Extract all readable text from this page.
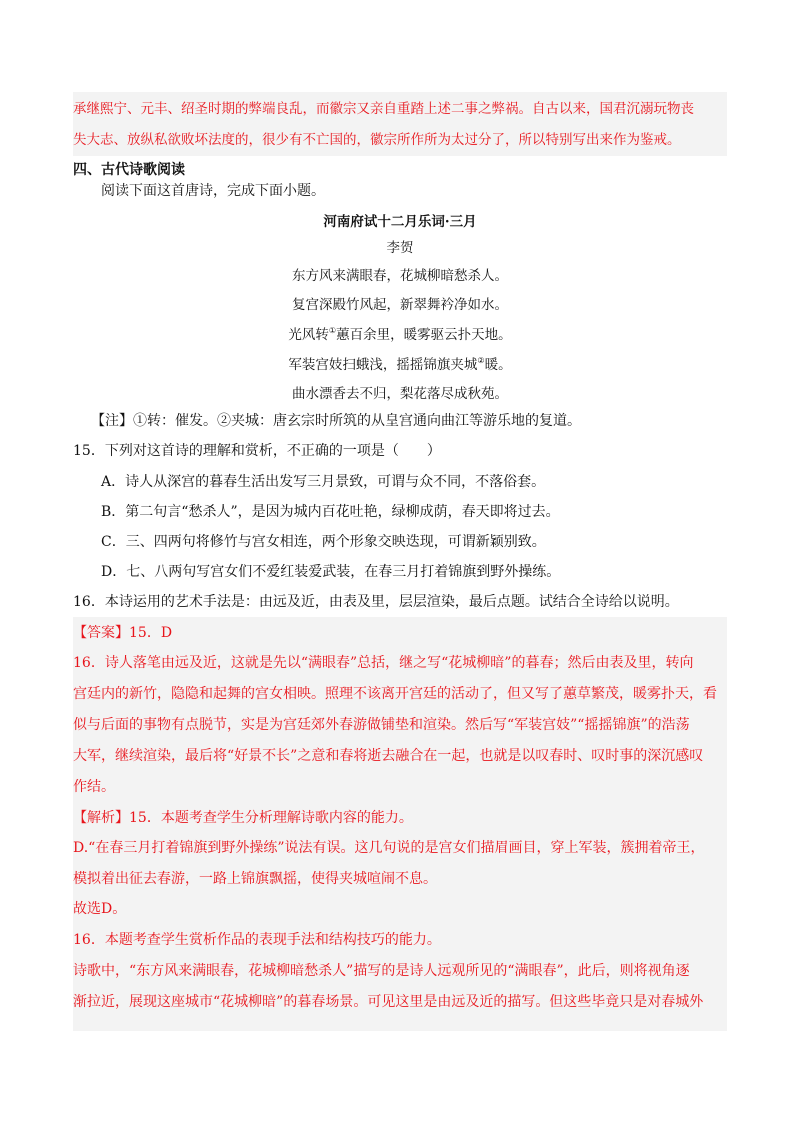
承继熙宁、元丰、绍圣时期的弊端良乱，而徽宗又亲自重踏上述二事之弊祸。自古以来，国君沉溺玩物丧
失大志、放纵私欲败坏法度的，很少有不亡国的，徽宗所作所为太过分了，所以特别写出来作为鉴戒。
四、古代诗歌阅读
阅读下面这首唐诗，完成下面小题。
河南府试十二月乐词·三月
李贺
东方风来满眼春，花城柳暗愁杀人。
复宫深殿竹风起，新翠舞衿净如水。
光风转①蕙百余里，暖雾驱云扑天地。
军装宫妓扫蛾浅，摇摇锦旗夹城②暖。
曲水漂香去不归，梨花落尽成秋苑。
【注】①转：催发。②夹城：唐玄宗时所筑的从皇宫通向曲江等游乐地的复道。
15．下列对这首诗的理解和赏析，不正确的一项是（　　）
A．诗人从深宫的暮春生活出发写三月景致，可谓与众不同，不落俗套。
B．第二句言“愁杀人”，是因为城内百花吐艳，绿柳成荫，春天即将过去。
C．三、四两句将修竹与宫女相连，两个形象交映迭现，可谓新颖别致。
D．七、八两句写宫女们不爱红装爱武装，在春三月打着锦旗到野外操练。
16．本诗运用的艺术手法是：由远及近，由表及里，层层渲染，最后点题。试结合全诗给以说明。
【答案】15．D
16．诗人落笔由远及近，这就是先以“满眼春”总括，继之写“花城柳暗”的暮春；然后由表及里，转向
宫廷内的新竹，隐隐和起舞的宫女相映。照理不该离开宫廷的活动了，但又写了蕙草繁茂，暖雾扑天，看
似与后面的事物有点脱节，实是为宫廷郊外春游做铺垫和渲染。然后写“军装宫妓”“摇摇锦旗”的浩荡
大军，继续渲染，最后将“好景不长”之意和春将逝去融合在一起，也就是以叹春时、叹时事的深沉感叹
作结。
【解析】15．本题考查学生分析理解诗歌内容的能力。
D.“在春三月打着锦旗到野外操练”说法有误。这几句说的是宫女们描眉画目，穿上军装，簇拥着帝王，
模拟着出征去春游，一路上锦旗飘摇，使得夹城喧闹不息。
故选D。
16．本题考查学生赏析作品的表现手法和结构技巧的能力。
诗歌中，“东方风来满眼春，花城柳暗愁杀人”描写的是诗人远观所见的“满眼春”，此后，则将视角逐
渐拉近，展现这座城市“花城柳暗”的暮春场景。可见这里是由远及近的描写。但这些毕竟只是对春城外
